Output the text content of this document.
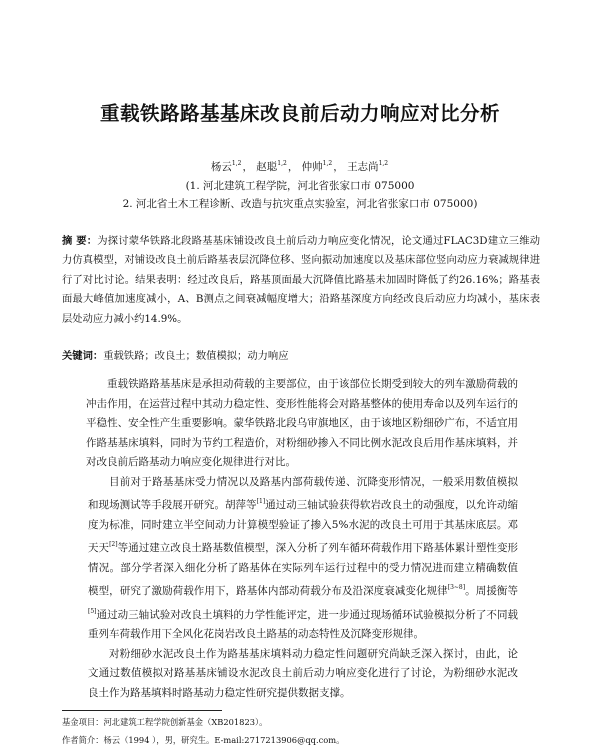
重载铁路路基基床改良前后动力响应对比分析
杨云$^{1,2}$， 赵聪$^{1,2}$， 仲帅$^{1,2}$， 王志尚$^{1,2}$
(1. 河北建筑工程学院，河北省张家口市 075000
2. 河北省土木工程诊断、改造与抗灾重点实验室，河北省张家口市 075000)
摘 要：为探讨蒙华铁路北段路基基床铺设改良土前后动力响应变化情况，论文通过FLAC3D建立三维动力仿真模型，对铺设改良土前后路基表层沉降位移、竖向振动加速度以及基床部位竖向动应力衰减规律进行了对比讨论。结果表明：经过改良后，路基顶面最大沉降值比路基未加固时降低了约26.16%；路基表面最大峰值加速度减小，A、B测点之间衰减幅度增大；沿路基深度方向经改良后动应力均减小，基床表层处动应力减小约14.9%。
关键词：重载铁路；改良土；数值模拟；动力响应

重载铁路路基基床是承担动荷载的主要部位，由于该部位长期受到较大的列车激励荷载的冲击作用，在运营过程中其动力稳定性、变形性能将会对路基整体的使用寿命以及列车运行的平稳性、安全性产生重要影响。蒙华铁路北段乌审旗地区，由于该地区粉细砂广布，不适宜用作路基基床填料，同时为节约工程造价，对粉细砂掺入不同比例水泥改良后用作基床填料，并对改良前后路基动力响应变化规律进行对比。

目前对于路基基床受力情况以及路基内部荷载传递、沉降变形情况，一般采用数值模拟和现场测试等手段展开研究。胡萍等[1]通过动三轴试验获得软岩改良土的动强度，以允许动缩度为标准，同时建立半空间动力计算模型验证了掺入5%水泥的改良土可用于其基床底层。邓天天[2]等通过建立改良土路基数值模型，深入分析了列车循环荷载作用下路基体累计塑性变形情况。部分学者深入细化分析了路基体在实际列车运行过程中的受力情况进而建立精确数值模型，研究了激励荷载作用下，路基体内部动荷载分布及沿深度衰减变化规律[3~8]。周援衡等[5]通过动三轴试验对改良土填料的力学性能评定，进一步通过现场循环试验模拟分析了不同载重列车荷载作用下全风化花岗岩改良土路基的动态特性及沉降变形规律。

对粉细砂水泥改良土作为路基基床填料动力稳定性问题研究尚缺乏深入探讨，由此，论文通过数值模拟对路基基床铺设水泥改良土前后动力响应变化进行了讨论，为粉细砂水泥改良土作为路基填料时路基动力稳定性研究提供数据支撑。

基金项目：河北建筑工程学院创新基金（XB201823）。
作者简介：杨云（1994 ），男，研究生。E-mail:2717213906@qq.com。
